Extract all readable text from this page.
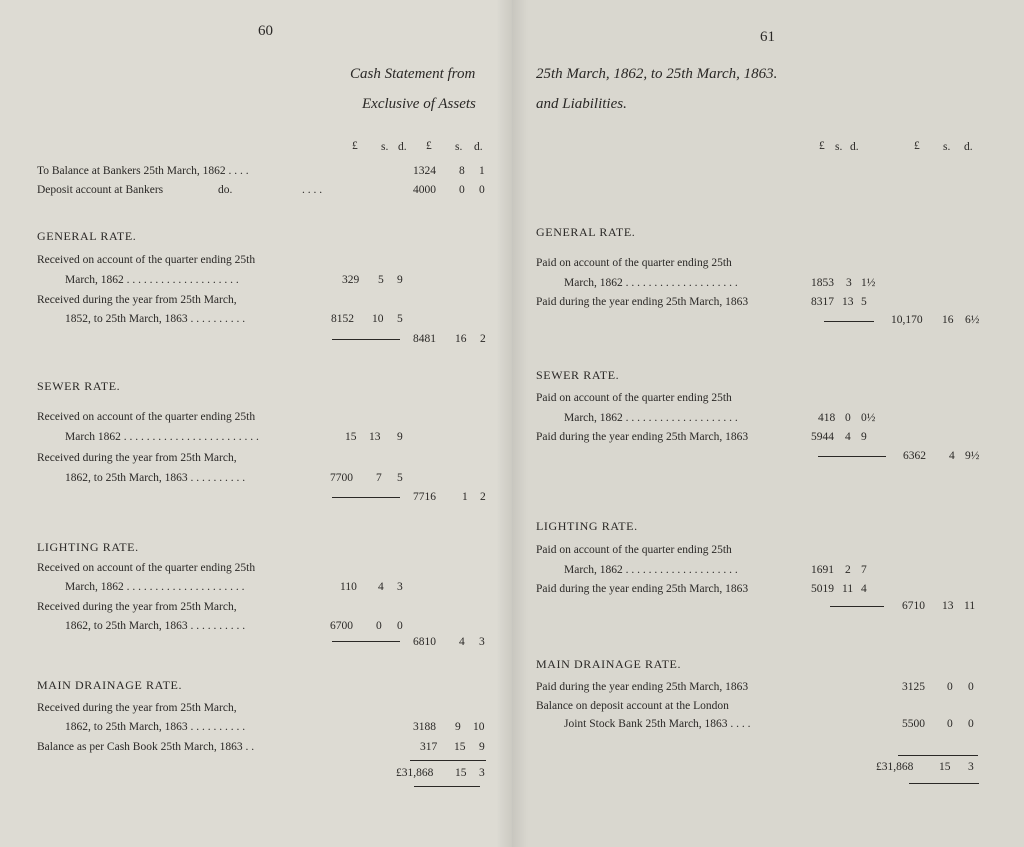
60
Cash Statement from
Exclusive of Assets
£ s. d. £ s. d.
To Balance at Bankers 25th March, 1862 . . . .	1324 8 1
Deposit account at Bankers	do.	. . . .	4000 0 0
GENERAL RATE.
Received on account of the quarter ending 25th
March, 1862 . . . . . . . . . . . . . . . . . . . .	329 5 9
Received during the year from 25th March,
1852, to 25th March, 1863 . . . . . . . . . .	8152 10 5
8481 16 2
SEWER RATE.
Received on account of the quarter ending 25th
March 1862 . . . . . . . . . . . . . . . . . . . . . . . .	15 13 9
Received during the year from 25th March,
1862, to 25th March, 1863 . . . . . . . . . .	7700 7 5
7716 1 2
LIGHTING RATE.
Received on account of the quarter ending 25th
March, 1862 . . . . . . . . . . . . . . . . . . . . .	110 4 3
Received during the year from 25th March,
1862, to 25th March, 1863 . . . . . . . . . .	6700 0 0
6810 4 3
MAIN DRAINAGE RATE.
Received during the year from 25th March,
1862, to 25th March, 1863 . . . . . . . . . .	3188 9 10
Balance as per Cash Book 25th March, 1863 . .	317 15 9
£31,868 15 3
61
25th March, 1862, to 25th March, 1863.
and Liabilities.
£ s. d.	£ s. d.
GENERAL RATE.
Paid on account of the quarter ending 25th
March, 1862 . . . . . . . . . . . . . . . . . . . .	1853 3 1½
Paid during the year ending 25th March, 1863	8317 13 5
10,170 16 6½
SEWER RATE.
Paid on account of the quarter ending 25th
March, 1862 . . . . . . . . . . . . . . . . . . . .	418 0 0½
Paid during the year ending 25th March, 1863	5944 4 9
6362 4 9½
LIGHTING RATE.
Paid on account of the quarter ending 25th
March, 1862 . . . . . . . . . . . . . . . . . . . .	1691 2 7
Paid during the year ending 25th March, 1863	5019 11 4
6710 13 11
MAIN DRAINAGE RATE.
Paid during the year ending 25th March, 1863	3125 0 0
Balance on deposit account at the London
Joint Stock Bank 25th March, 1863 . . . .	5500 0 0
£31,868 15 3
